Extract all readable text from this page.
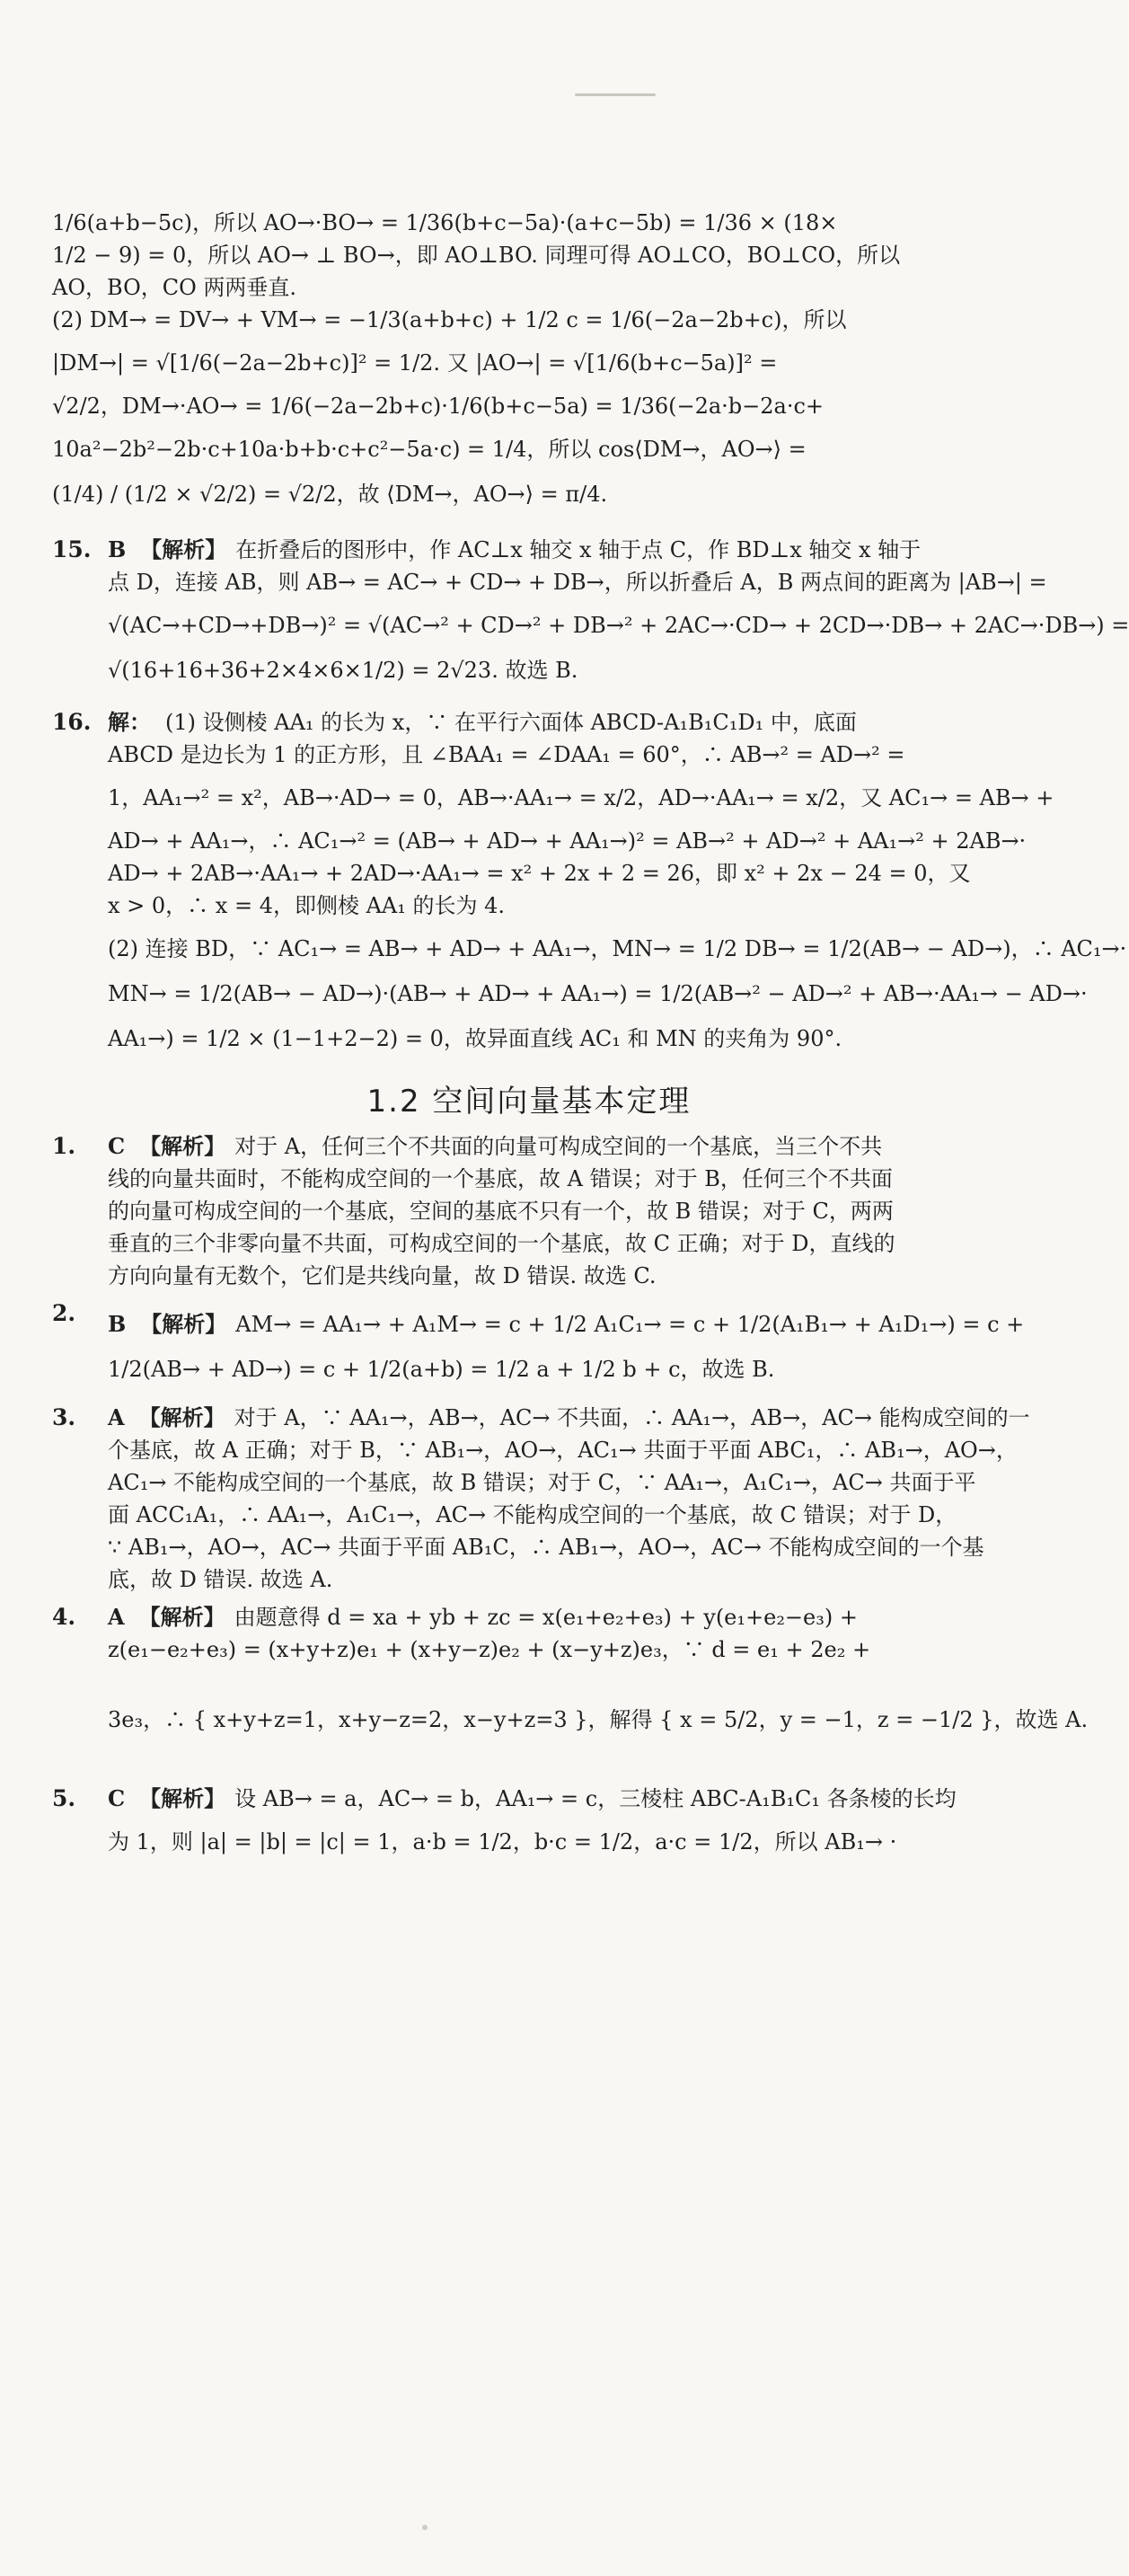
1/6(a+b−5c)，所以 AO→·BO→ = 1/36(b+c−5a)·(a+c−5b) = 1/36 × (18×

1/2 − 9) = 0，所以 AO→ ⊥ BO→，即 AO⊥BO. 同理可得 AO⊥CO，BO⊥CO，所以

AO，BO，CO 两两垂直.

(2) DM→ = DV→ + VM→ = −1/3(a+b+c) + 1/2 c = 1/6(−2a−2b+c)，所以

|DM→| = √[1/6(−2a−2b+c)]² = 1/2. 又 |AO→| = √[1/6(b+c−5a)]² =

√2/2，DM→·AO→ = 1/6(−2a−2b+c)·1/6(b+c−5a) = 1/36(−2a·b−2a·c+

10a²−2b²−2b·c+10a·b+b·c+c²−5a·c) = 1/4，所以 cos⟨DM→，AO→⟩ =

(1/4) / (1/2 × √2/2) = √2/2，故 ⟨DM→，AO→⟩ = π/4.

15. B 【解析】 在折叠后的图形中，作 AC⊥x 轴交 x 轴于点 C，作 BD⊥x 轴交 x 轴于

点 D，连接 AB，则 AB→ = AC→ + CD→ + DB→，所以折叠后 A，B 两点间的距离为 |AB→| =

√(AC→+CD→+DB→)² = √(AC→² + CD→² + DB→² + 2AC→·CD→ + 2CD→·DB→ + 2AC→·DB→) =

√(16+16+36+2×4×6×1/2) = 2√23. 故选 B.

16. 解： (1) 设侧棱 AA₁ 的长为 x，∵ 在平行六面体 ABCD-A₁B₁C₁D₁ 中，底面

ABCD 是边长为 1 的正方形，且 ∠BAA₁ = ∠DAA₁ = 60°，∴ AB→² = AD→² =

1，AA₁→² = x²，AB→·AD→ = 0，AB→·AA₁→ = x/2，AD→·AA₁→ = x/2，又 AC₁→ = AB→ +

AD→ + AA₁→，∴ AC₁→² = (AB→ + AD→ + AA₁→)² = AB→² + AD→² + AA₁→² + 2AB→·

AD→ + 2AB→·AA₁→ + 2AD→·AA₁→ = x² + 2x + 2 = 26，即 x² + 2x − 24 = 0，又

x > 0，∴ x = 4，即侧棱 AA₁ 的长为 4.

(2) 连接 BD，∵ AC₁→ = AB→ + AD→ + AA₁→，MN→ = 1/2 DB→ = 1/2(AB→ − AD→)，∴ AC₁→·

MN→ = 1/2(AB→ − AD→)·(AB→ + AD→ + AA₁→) = 1/2(AB→² − AD→² + AB→·AA₁→ − AD→·

AA₁→) = 1/2 × (1−1+2−2) = 0，故异面直线 AC₁ 和 MN 的夹角为 90°.

1.2 空间向量基本定理
1.	C 【解析】 对于 A，任何三个不共面的向量可构成空间的一个基底，当三个不共

线的向量共面时，不能构成空间的一个基底，故 A 错误；对于 B，任何三个不共面

的向量可构成空间的一个基底，空间的基底不只有一个，故 B 错误；对于 C，两两

垂直的三个非零向量不共面，可构成空间的一个基底，故 C 正确；对于 D，直线的

方向向量有无数个，它们是共线向量，故 D 错误. 故选 C.

2.	B 【解析】 AM→ = AA₁→ + A₁M→ = c + 1/2 A₁C₁→ = c + 1/2(A₁B₁→ + A₁D₁→) = c +

1/2(AB→ + AD→) = c + 1/2(a+b) = 1/2 a + 1/2 b + c，故选 B.

3.	A 【解析】 对于 A，∵ AA₁→，AB→，AC→ 不共面，∴ AA₁→，AB→，AC→ 能构成空间的一

个基底，故 A 正确；对于 B，∵ AB₁→，AO→，AC₁→ 共面于平面 ABC₁，∴ AB₁→，AO→，

AC₁→ 不能构成空间的一个基底，故 B 错误；对于 C，∵ AA₁→，A₁C₁→，AC→ 共面于平

面 ACC₁A₁，∴ AA₁→，A₁C₁→，AC→ 不能构成空间的一个基底，故 C 错误；对于 D，

∵ AB₁→，AO→，AC→ 共面于平面 AB₁C，∴ AB₁→，AO→，AC→ 不能构成空间的一个基

底，故 D 错误. 故选 A.

4.	A 【解析】 由题意得 d = xa + yb + zc = x(e₁+e₂+e₃) + y(e₁+e₂−e₃) +

z(e₁−e₂+e₃) = (x+y+z)e₁ + (x+y−z)e₂ + (x−y+z)e₃，∵ d = e₁ + 2e₂ +

3e₃，∴ { x+y+z=1，x+y−z=2，x−y+z=3 }，解得 { x = 5/2，y = −1，z = −1/2 }，故选 A.

5.	C 【解析】 设 AB→ = a，AC→ = b，AA₁→ = c，三棱柱 ABC-A₁B₁C₁ 各条棱的长均

为 1，则 |a| = |b| = |c| = 1，a·b = 1/2，b·c = 1/2，a·c = 1/2，所以 AB₁→ ·
